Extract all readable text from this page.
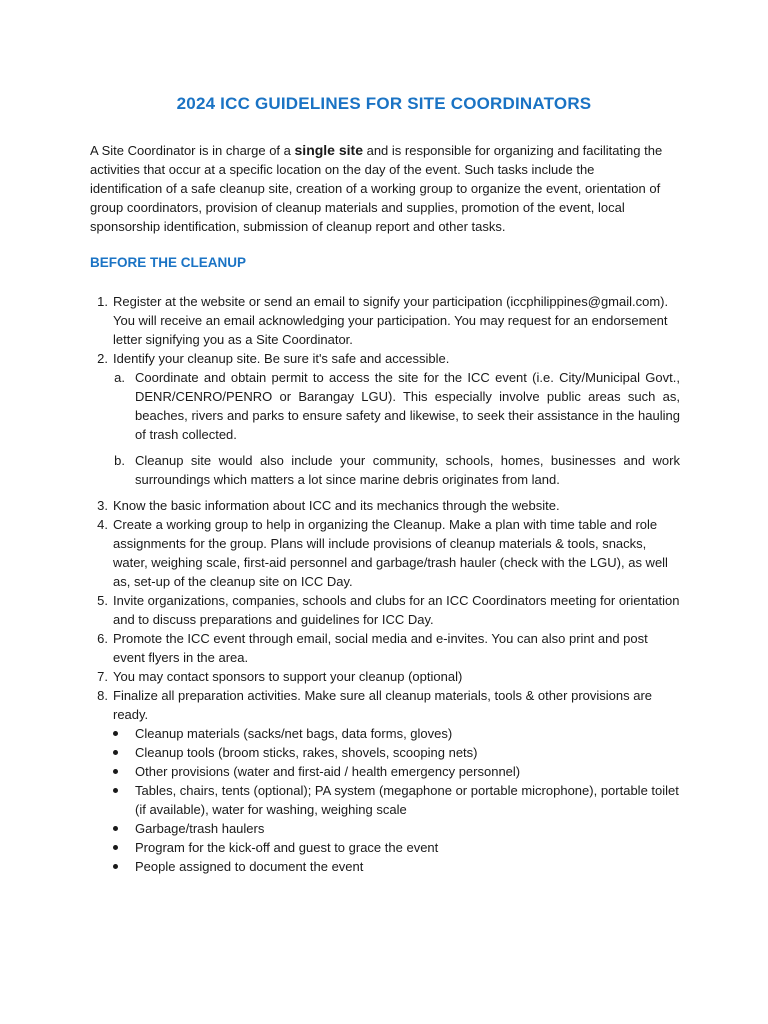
2024 ICC GUIDELINES FOR SITE COORDINATORS

A Site Coordinator is in charge of a single site and is responsible for organizing and facilitating the activities that occur at a specific location on the day of the event. Such tasks include the identification of a safe cleanup site, creation of a working group to organize the event, orientation of group coordinators, provision of cleanup materials and supplies, promotion of the event, local sponsorship identification, submission of cleanup report and other tasks.

BEFORE THE CLEANUP
1. Register at the website or send an email to signify your participation (iccphilippines@gmail.com). You will receive an email acknowledging your participation. You may request for an endorsement letter signifying you as a Site Coordinator.
2. Identify your cleanup site. Be sure it's safe and accessible.
a. Coordinate and obtain permit to access the site for the ICC event (i.e. City/Municipal Govt., DENR/CENRO/PENRO or Barangay LGU). This especially involve public areas such as, beaches, rivers and parks to ensure safety and likewise, to seek their assistance in the hauling of trash collected.
b. Cleanup site would also include your community, schools, homes, businesses and work surroundings which matters a lot since marine debris originates from land.
3. Know the basic information about ICC and its mechanics through the website.
4. Create a working group to help in organizing the Cleanup. Make a plan with time table and role assignments for the group. Plans will include provisions of cleanup materials & tools, snacks, water, weighing scale, first-aid personnel and garbage/trash hauler (check with the LGU), as well as, set-up of the cleanup site on ICC Day.
5. Invite organizations, companies, schools and clubs for an ICC Coordinators meeting for orientation and to discuss preparations and guidelines for ICC Day.
6. Promote the ICC event through email, social media and e-invites. You can also print and post event flyers in the area.
7. You may contact sponsors to support your cleanup (optional)
8. Finalize all preparation activities. Make sure all cleanup materials, tools & other provisions are ready.
Cleanup materials (sacks/net bags, data forms, gloves)
Cleanup tools (broom sticks, rakes, shovels, scooping nets)
Other provisions (water and first-aid / health emergency personnel)
Tables, chairs, tents (optional); PA system (megaphone or portable microphone), portable toilet (if available), water for washing, weighing scale
Garbage/trash haulers
Program for the kick-off and guest to grace the event
People assigned to document the event
